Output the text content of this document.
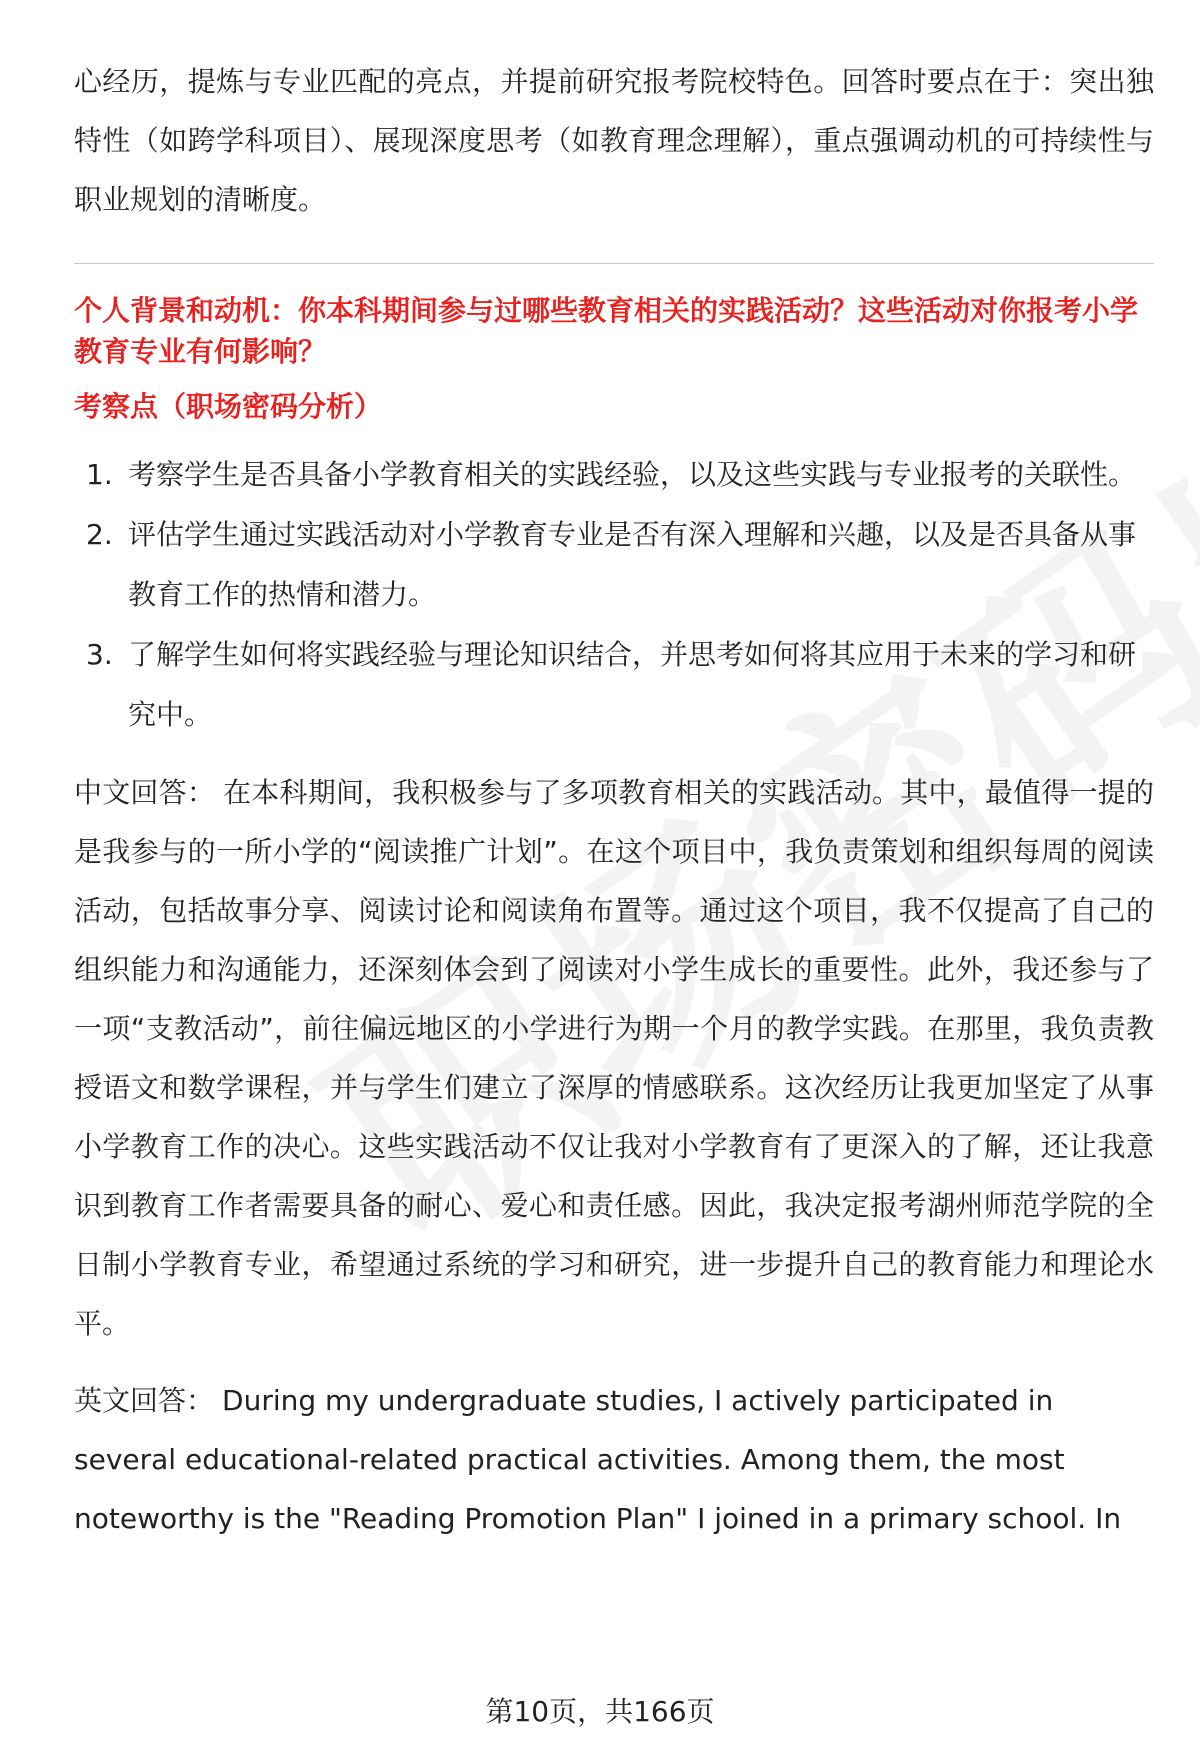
心经历，提炼与专业匹配的亮点，并提前研究报考院校特色。回答时要点在于：突出独特性（如跨学科项目）、展现深度思考（如教育理念理解），重点强调动机的可持续性与职业规划的清晰度。

个人背景和动机：你本科期间参与过哪些教育相关的实践活动？这些活动对你报考小学教育专业有何影响？
考察点（职场密码分析）
1. 考察学生是否具备小学教育相关的实践经验，以及这些实践与专业报考的关联性。
2. 评估学生通过实践活动对小学教育专业是否有深入理解和兴趣，以及是否具备从事教育工作的热情和潜力。
3. 了解学生如何将实践经验与理论知识结合，并思考如何将其应用于未来的学习和研究中。

中文回答： 在本科期间，我积极参与了多项教育相关的实践活动。其中，最值得一提的是我参与的一所小学的“阅读推广计划”。在这个项目中，我负责策划和组织每周的阅读活动，包括故事分享、阅读讨论和阅读角布置等。通过这个项目，我不仅提高了自己的组织能力和沟通能力，还深刻体会到了阅读对小学生成长的重要性。此外，我还参与了一项“支教活动”，前往偏远地区的小学进行为期一个月的教学实践。在那里，我负责教授语文和数学课程，并与学生们建立了深厚的情感联系。这次经历让我更加坚定了从事小学教育工作的决心。这些实践活动不仅让我对小学教育有了更深入的了解，还让我意识到教育工作者需要具备的耐心、爱心和责任感。因此，我决定报考湖州师范学院的全日制小学教育专业，希望通过系统的学习和研究，进一步提升自己的教育能力和理论水平。

英文回答： During my undergraduate studies, I actively participated in several educational-related practical activities. Among them, the most noteworthy is the "Reading Promotion Plan" I joined in a primary school. In

第10页，共166页
